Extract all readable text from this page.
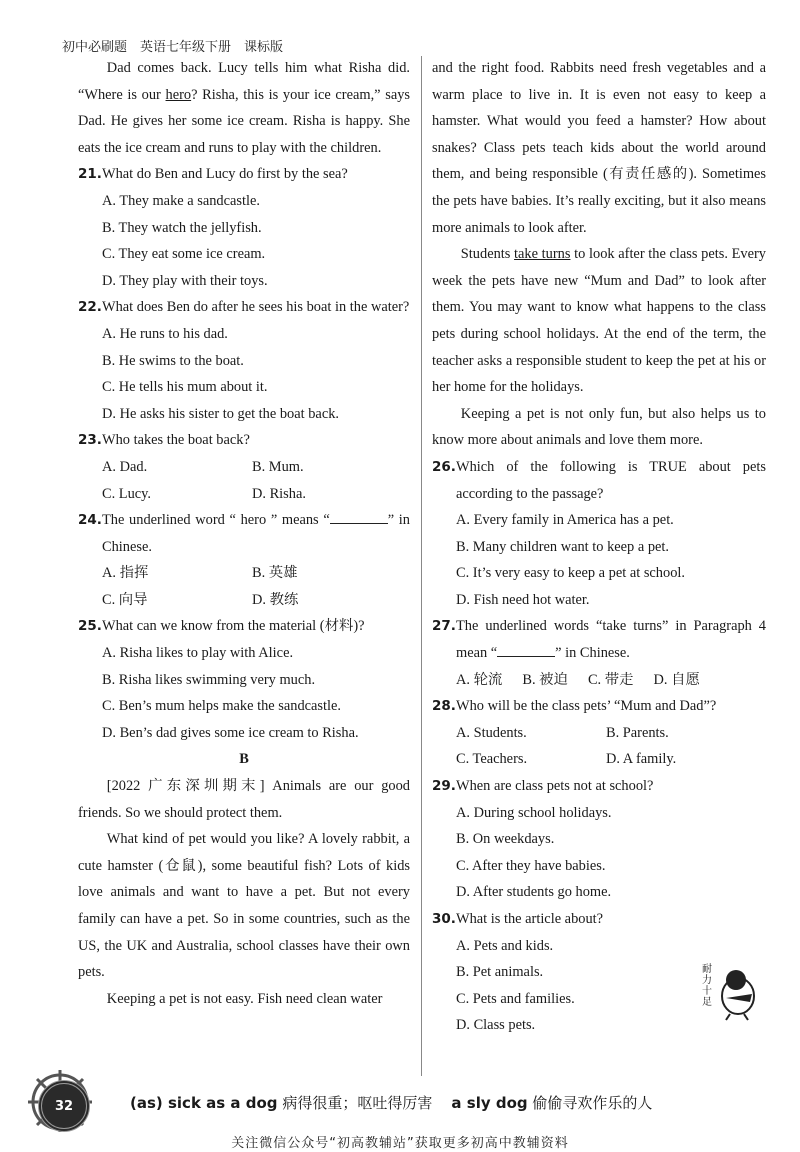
初中必刷题　英语七年级下册　课标版

Dad comes back. Lucy tells him what Risha did. “Where is our hero? Risha, this is your ice cream,” says Dad. He gives her some ice cream. Risha is happy. She eats the ice cream and runs to play with the children.

21. What do Ben and Lucy do first by the sea?
A. They make a sandcastle.
B. They watch the jellyfish.
C. They eat some ice cream.
D. They play with their toys.
22. What does Ben do after he sees his boat in the water?
A. He runs to his dad.
B. He swims to the boat.
C. He tells his mum about it.
D. He asks his sister to get the boat back.
23. Who takes the boat back?
A. Dad.	B. Mum.
C. Lucy.	D. Risha.
24. The underlined word “ hero ” means “	” in Chinese.
A. 指挥	B. 英雄
C. 向导	D. 教练
25. What can we know from the material (材料)?
A. Risha likes to play with Alice.
B. Risha likes swimming very much.
C. Ben’s mum helps make the sandcastle.
D. Ben’s dad gives some ice cream to Risha.
B

[2022 广东深圳期末] Animals are our good friends. So we should protect them.

What kind of pet would you like? A lovely rabbit, a cute hamster (仓鼠), some beautiful fish? Lots of kids love animals and want to have a pet. But not every family can have a pet. So in some countries, such as the US, the UK and Australia, school classes have their own pets.

Keeping a pet is not easy. Fish need clean water

and the right food. Rabbits need fresh vegetables and a warm place to live in. It is even not easy to keep a hamster. What would you feed a hamster? How about snakes? Class pets teach kids about the world around them, and being responsible (有责任感的). Sometimes the pets have babies. It’s really exciting, but it also means more animals to look after.

Students take turns to look after the class pets. Every week the pets have new “Mum and Dad” to look after them. You may want to know what happens to the class pets during school holidays. At the end of the term, the teacher asks a responsible student to keep the pet at his or her home for the holidays.

Keeping a pet is not only fun, but also helps us to know more about animals and love them more.

26. Which of the following is TRUE about pets according to the passage?
A. Every family in America has a pet.
B. Many children want to keep a pet.
C. It’s very easy to keep a pet at school.
D. Fish need hot water.
27. The underlined words “take turns” in Paragraph 4 mean “	” in Chinese.
A. 轮流 B. 被迫 C. 带走 D. 自愿
28. Who will be the class pets’ “Mum and Dad”?
A. Students.	B. Parents.
C. Teachers.	D. A family.
29. When are class pets not at school?
A. During school holidays.
B. On weekdays.
C. After they have babies.
D. After students go home.
30. What is the article about?
A. Pets and kids.
B. Pet animals.
C. Pets and families.
D. Class pets.
耐力十足
32	(as) sick as a dog 病得很重；呕吐得厉害 a sly dog 偷偷寻欢作乐的人
关注微信公众号“初高教辅站”获取更多初高中教辅资料
